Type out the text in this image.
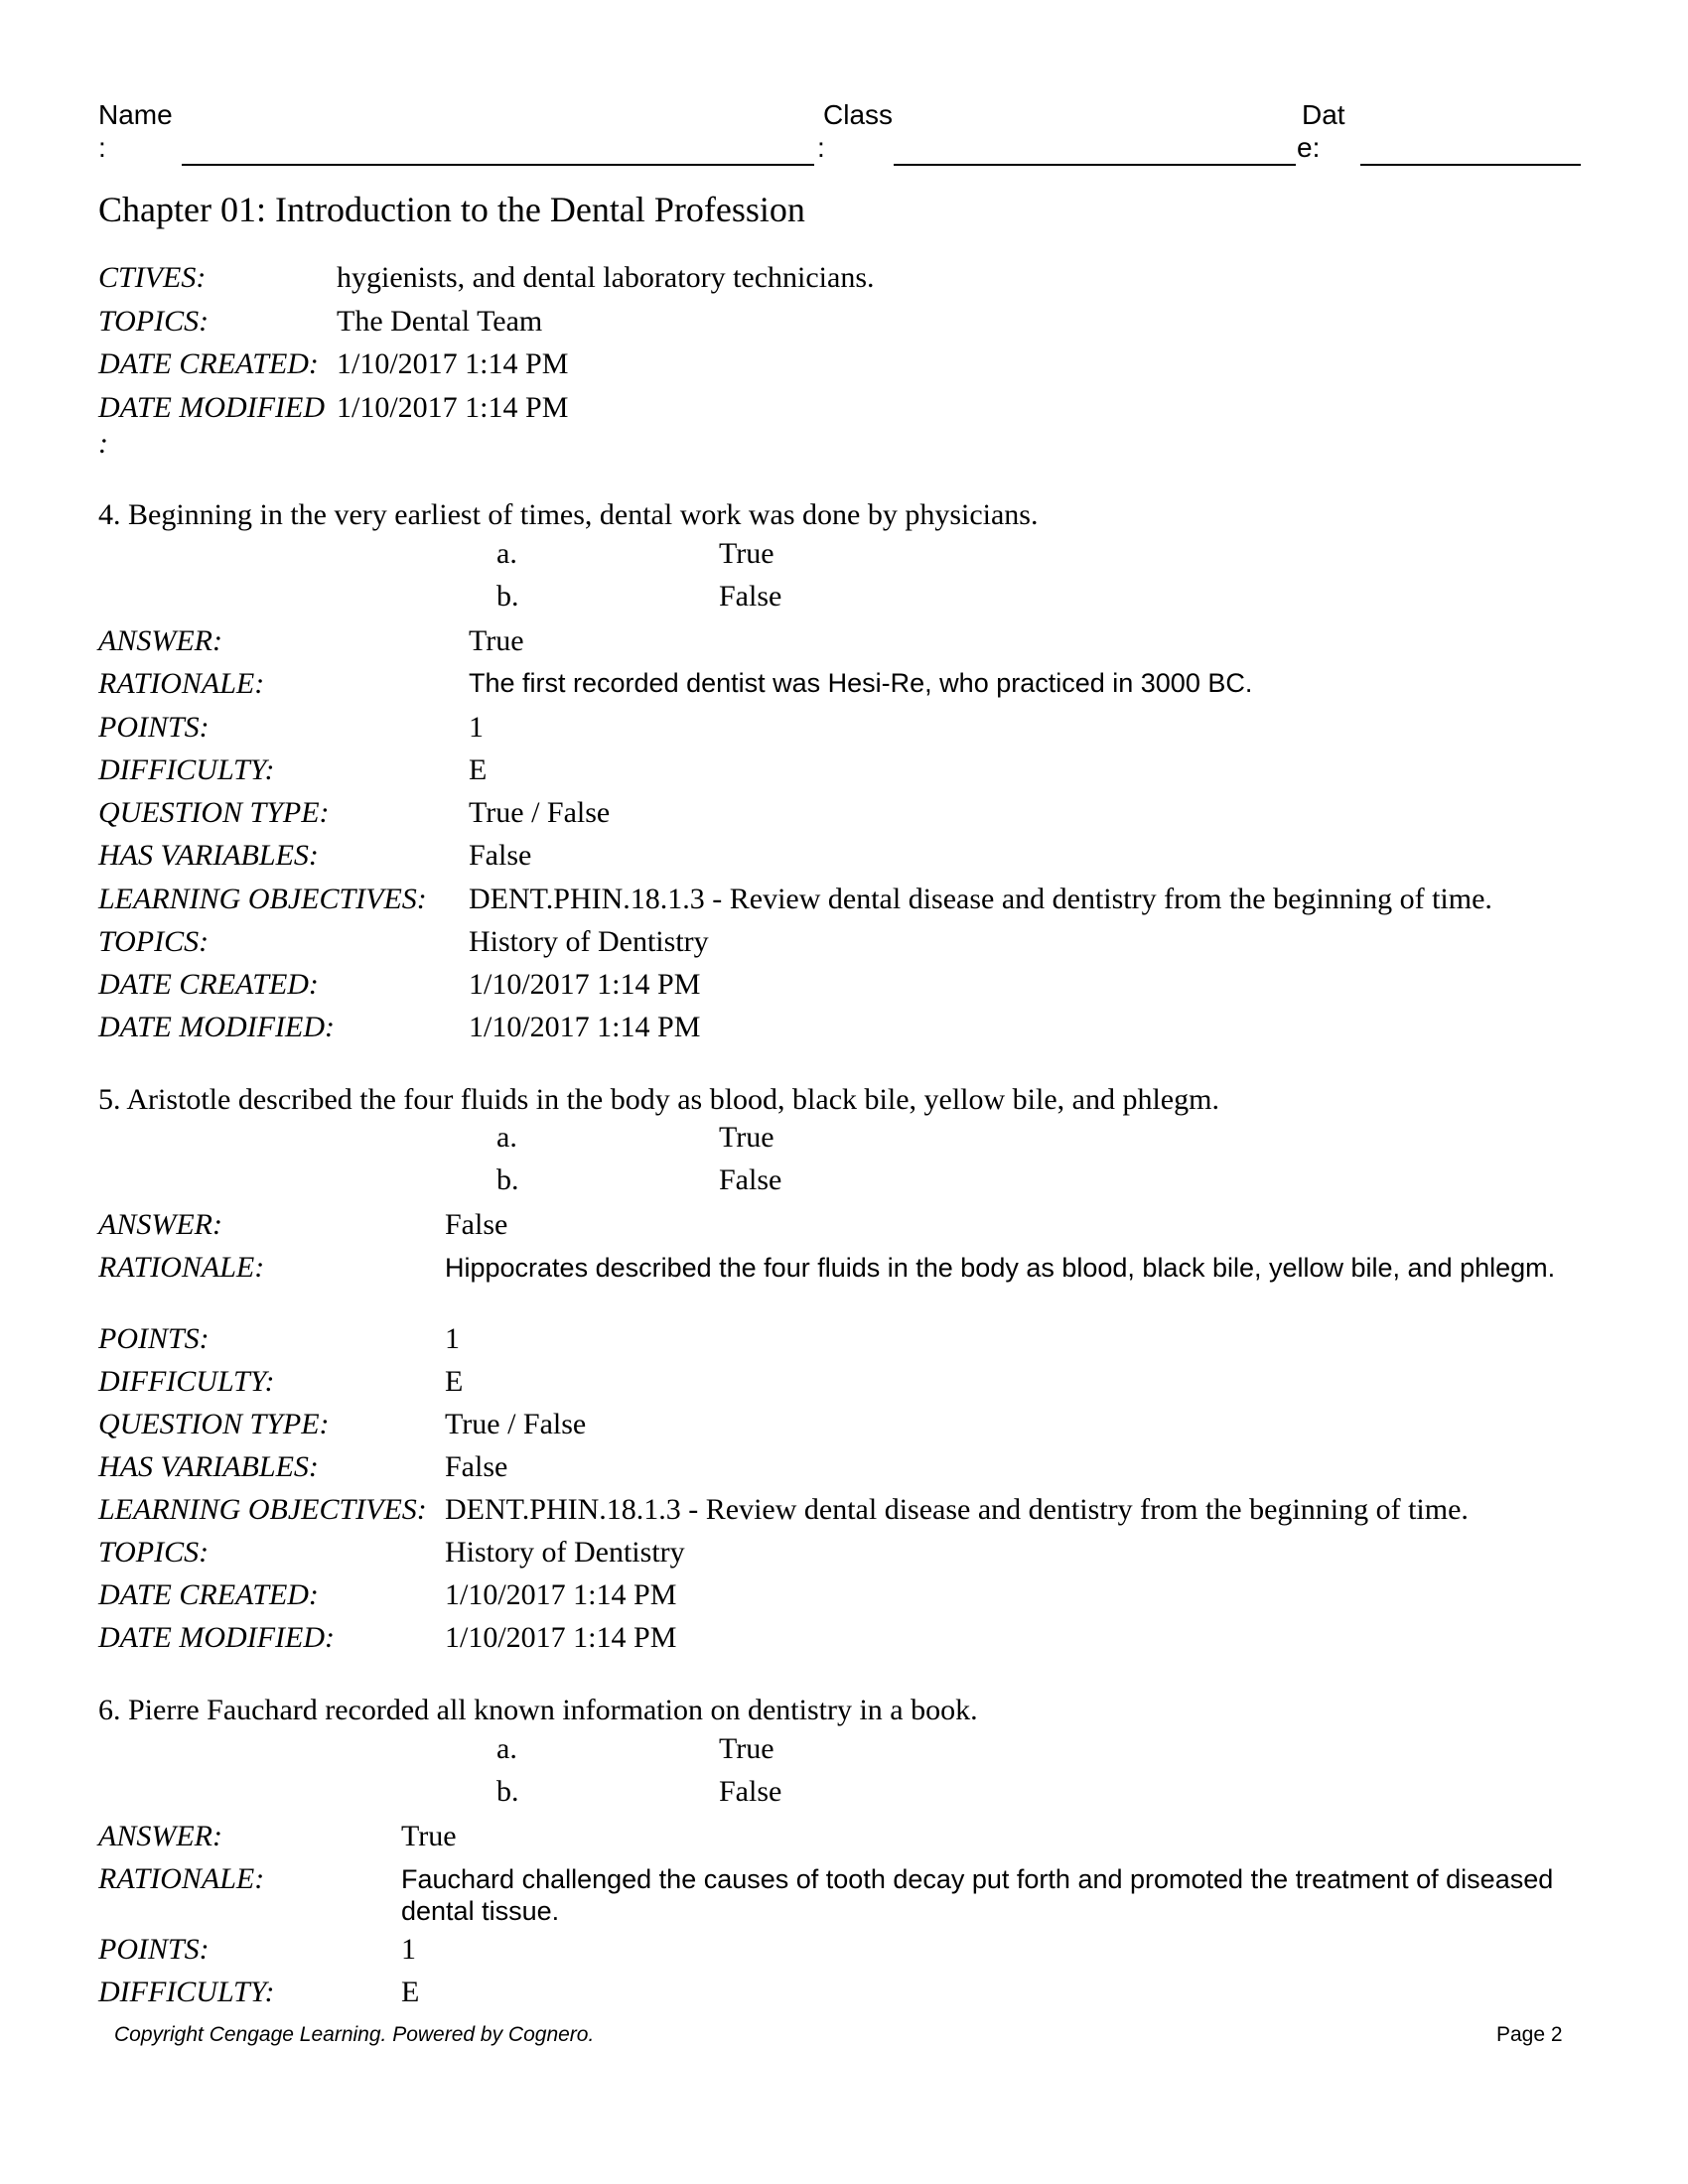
Name
:
Class
:
Dat
e:
Chapter 01: Introduction to the Dental Profession
CTIVES:	hygienists, and dental laboratory technicians.
TOPICS:	The Dental Team
DATE CREATED: 1/10/2017 1:14 PM
DATE MODIFIED 1/10/2017 1:14 PM
:
4. Beginning in the very earliest of times, dental work was done by physicians.
a.	True
b.	False
ANSWER:	True
RATIONALE:	The first recorded dentist was Hesi-Re, who practiced in 3000 BC.
POINTS:	1
DIFFICULTY:	E
QUESTION TYPE:	True / False
HAS VARIABLES:	False
LEARNING OBJECTIVES: DENT.PHIN.18.1.3 - Review dental disease and dentistry from the beginning of time.
TOPICS:	History of Dentistry
DATE CREATED:	1/10/2017 1:14 PM
DATE MODIFIED:	1/10/2017 1:14 PM
5. Aristotle described the four fluids in the body as blood, black bile, yellow bile, and phlegm.
a.	True
b.	False
ANSWER:	False
RATIONALE:	Hippocrates described the four fluids in the body as blood, black bile, yellow bile, and phlegm.
POINTS:	1
DIFFICULTY:	E
QUESTION TYPE:	True / False
HAS VARIABLES:	False
LEARNING OBJECTIVES: DENT.PHIN.18.1.3 - Review dental disease and dentistry from the beginning of time.
TOPICS:	History of Dentistry
DATE CREATED:	1/10/2017 1:14 PM
DATE MODIFIED:	1/10/2017 1:14 PM
6. Pierre Fauchard recorded all known information on dentistry in a book.
a.	True
b.	False
ANSWER:	True
RATIONALE:	Fauchard challenged the causes of tooth decay put forth and promoted the treatment of diseased dental tissue.
POINTS:	1
DIFFICULTY:	E
Copyright Cengage Learning. Powered by Cognero.	Page 2
